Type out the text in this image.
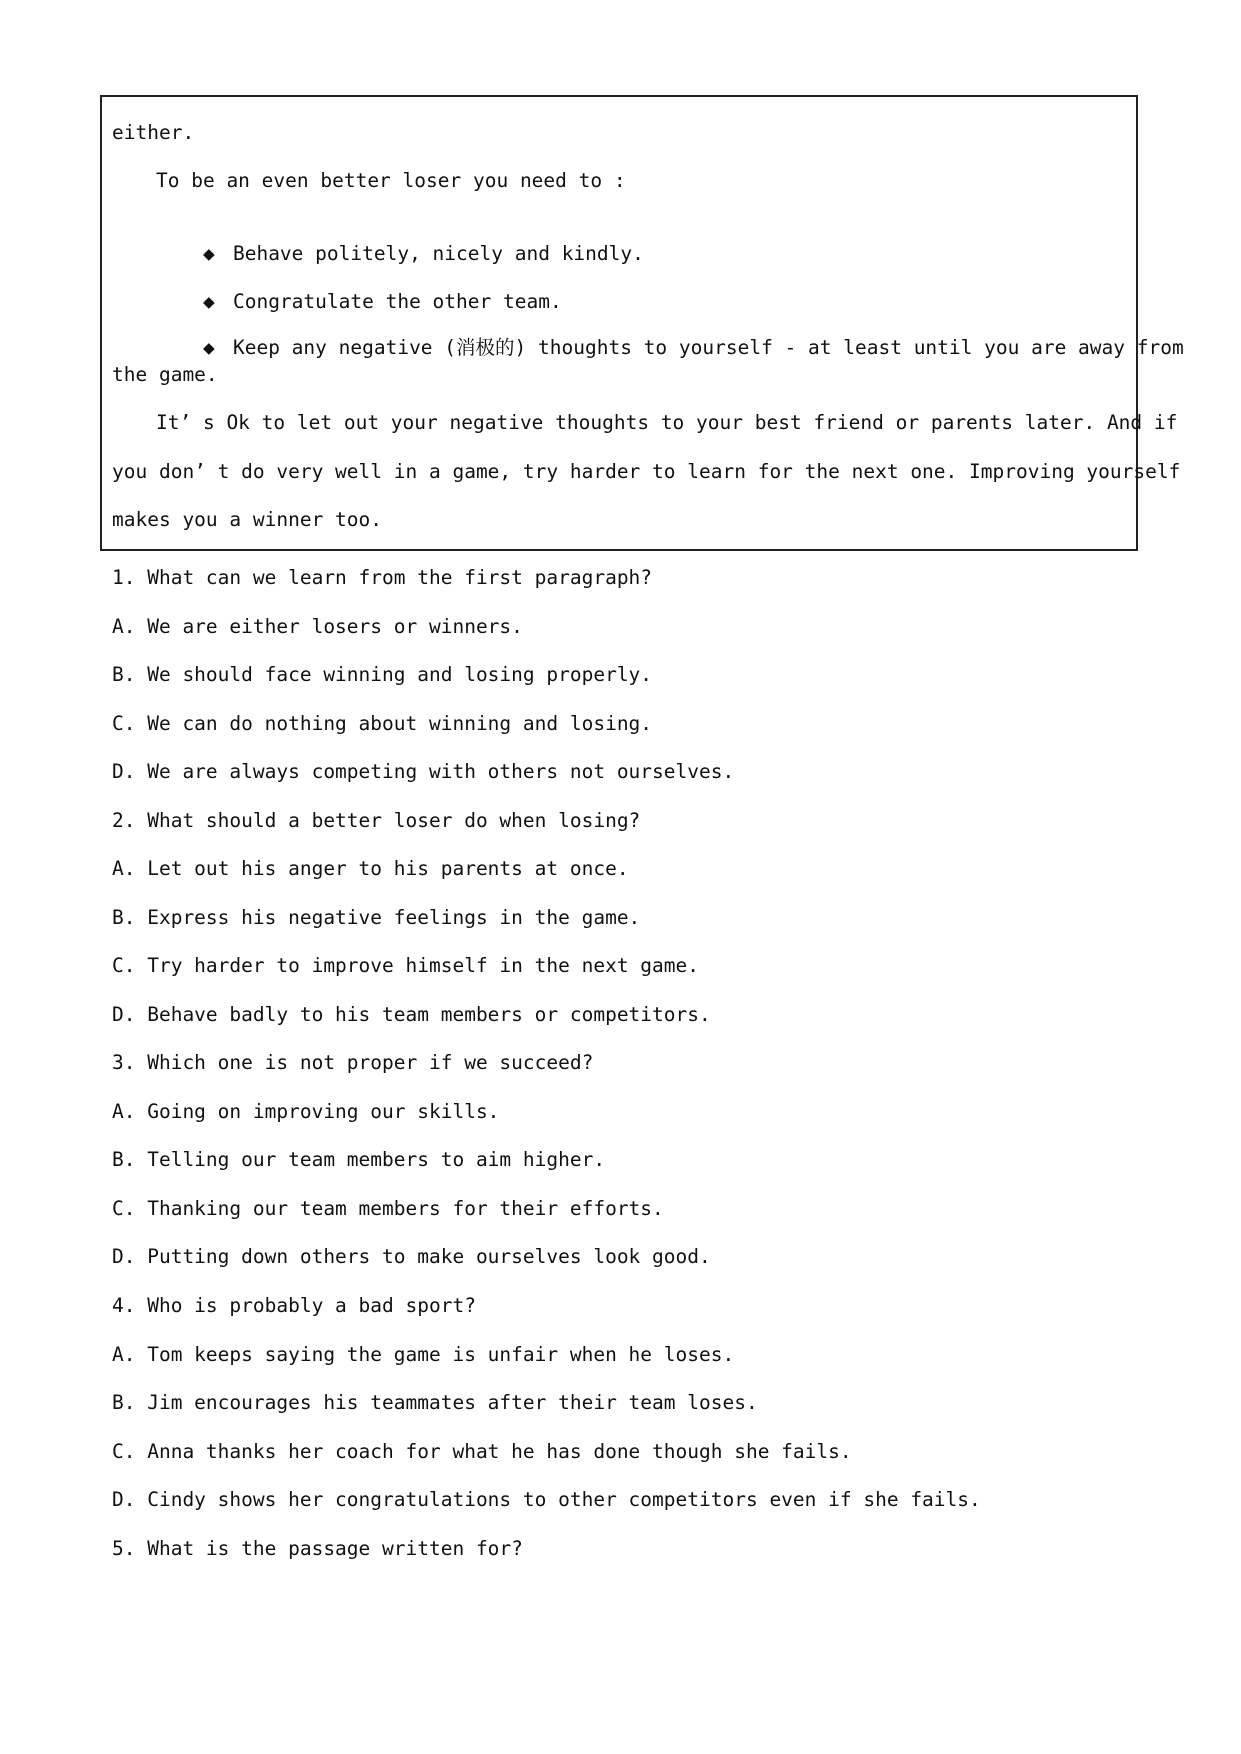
either.
To be an even better loser you need to :

◆ Behave politely, nicely and kindly.

◆ Congratulate the other team.

◆ Keep any negative (消极的) thoughts to yourself - at least until you are away from

the game.
It’ s Ok to let out your negative thoughts to your best friend or parents later. And if
you don’ t do very well in a game, try harder to learn for the next one. Improving yourself
makes you a winner too.
1. What can we learn from the first paragraph?
A. We are either losers or winners.
B. We should face winning and losing properly.
C. We can do nothing about winning and losing.
D. We are always competing with others not ourselves.
2. What should a better loser do when losing?
A. Let out his anger to his parents at once.
B. Express his negative feelings in the game.
C. Try harder to improve himself in the next game.
D. Behave badly to his team members or competitors.
3. Which one is not proper if we succeed?
A. Going on improving our skills.
B. Telling our team members to aim higher.
C. Thanking our team members for their efforts.
D. Putting down others to make ourselves look good.
4. Who is probably a bad sport?
A. Tom keeps saying the game is unfair when he loses.
B. Jim encourages his teammates after their team loses.
C. Anna thanks her coach for what he has done though she fails.
D. Cindy shows her congratulations to other competitors even if she fails.
5. What is the passage written for?
